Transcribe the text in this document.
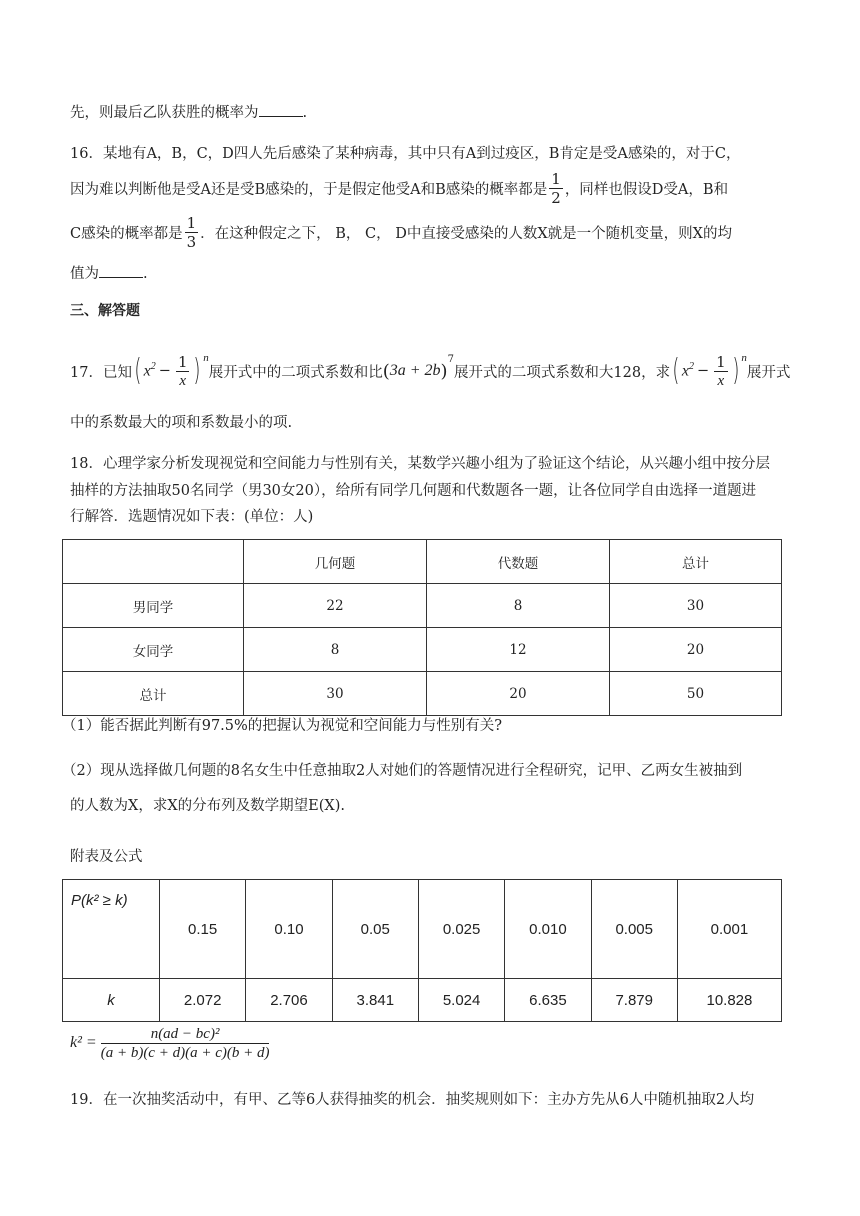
先，则最后乙队获胜的概率为	.
16．某地有A，B，C，D四人先后感染了某种病毒，其中只有A到过疫区，B肯定是受A感染的，对于C，
因为难以判断他是受A还是受B感染的，于是假定他受A和B感染的概率都是 $\frac{1}{2}$ ，同样也假设D受A，B和
C感染的概率都是 $\frac{1}{3}$ ．在这种假定之下， B， C， D中直接受感染的人数X就是一个随机变量，则X的均
值为	.
三、解答题
17．已知 ( $x^2 - \frac{1}{x} )^n$
展开式中的二项式系数和比 ( 3a + 2b )
$^7$
展开式的二项式系数和大128，求 ( $x^2 - \frac{1}{x} )^n$
展开式
中的系数最大的项和系数最小的项.
18．心理学家分析发现视觉和空间能力与性别有关，某数学兴趣小组为了验证这个结论，从兴趣小组中按分层
抽样的方法抽取50名同学（男30女20），给所有同学几何题和代数题各一题，让各位同学自由选择一道题进
行解答．选题情况如下表：(单位：人)
	几何题	代数题	总计
男同学	22	8	30
女同学	8	12	20
总计	30	20	50
（1）能否据此判断有97.5%的把握认为视觉和空间能力与性别有关?
（2）现从选择做几何题的8名女生中任意抽取2人对她们的答题情况进行全程研究，记甲、乙两女生被抽到
的人数为X，求X的分布列及数学期望E(X).
附表及公式
P(k² ≥ k)	0.15	0.10	0.05	0.025	0.010	0.005	0.001
k	2.072	2.706	3.841	5.024	6.635	7.879	10.828
$k^2 = \frac{\text{n(ad − bc)²}}{(a + b)(c + d)(a + c)(b + d)}$
19．在一次抽奖活动中，有甲、乙等6人获得抽奖的机会．抽奖规则如下：主办方先从6人中随机抽取2人均
